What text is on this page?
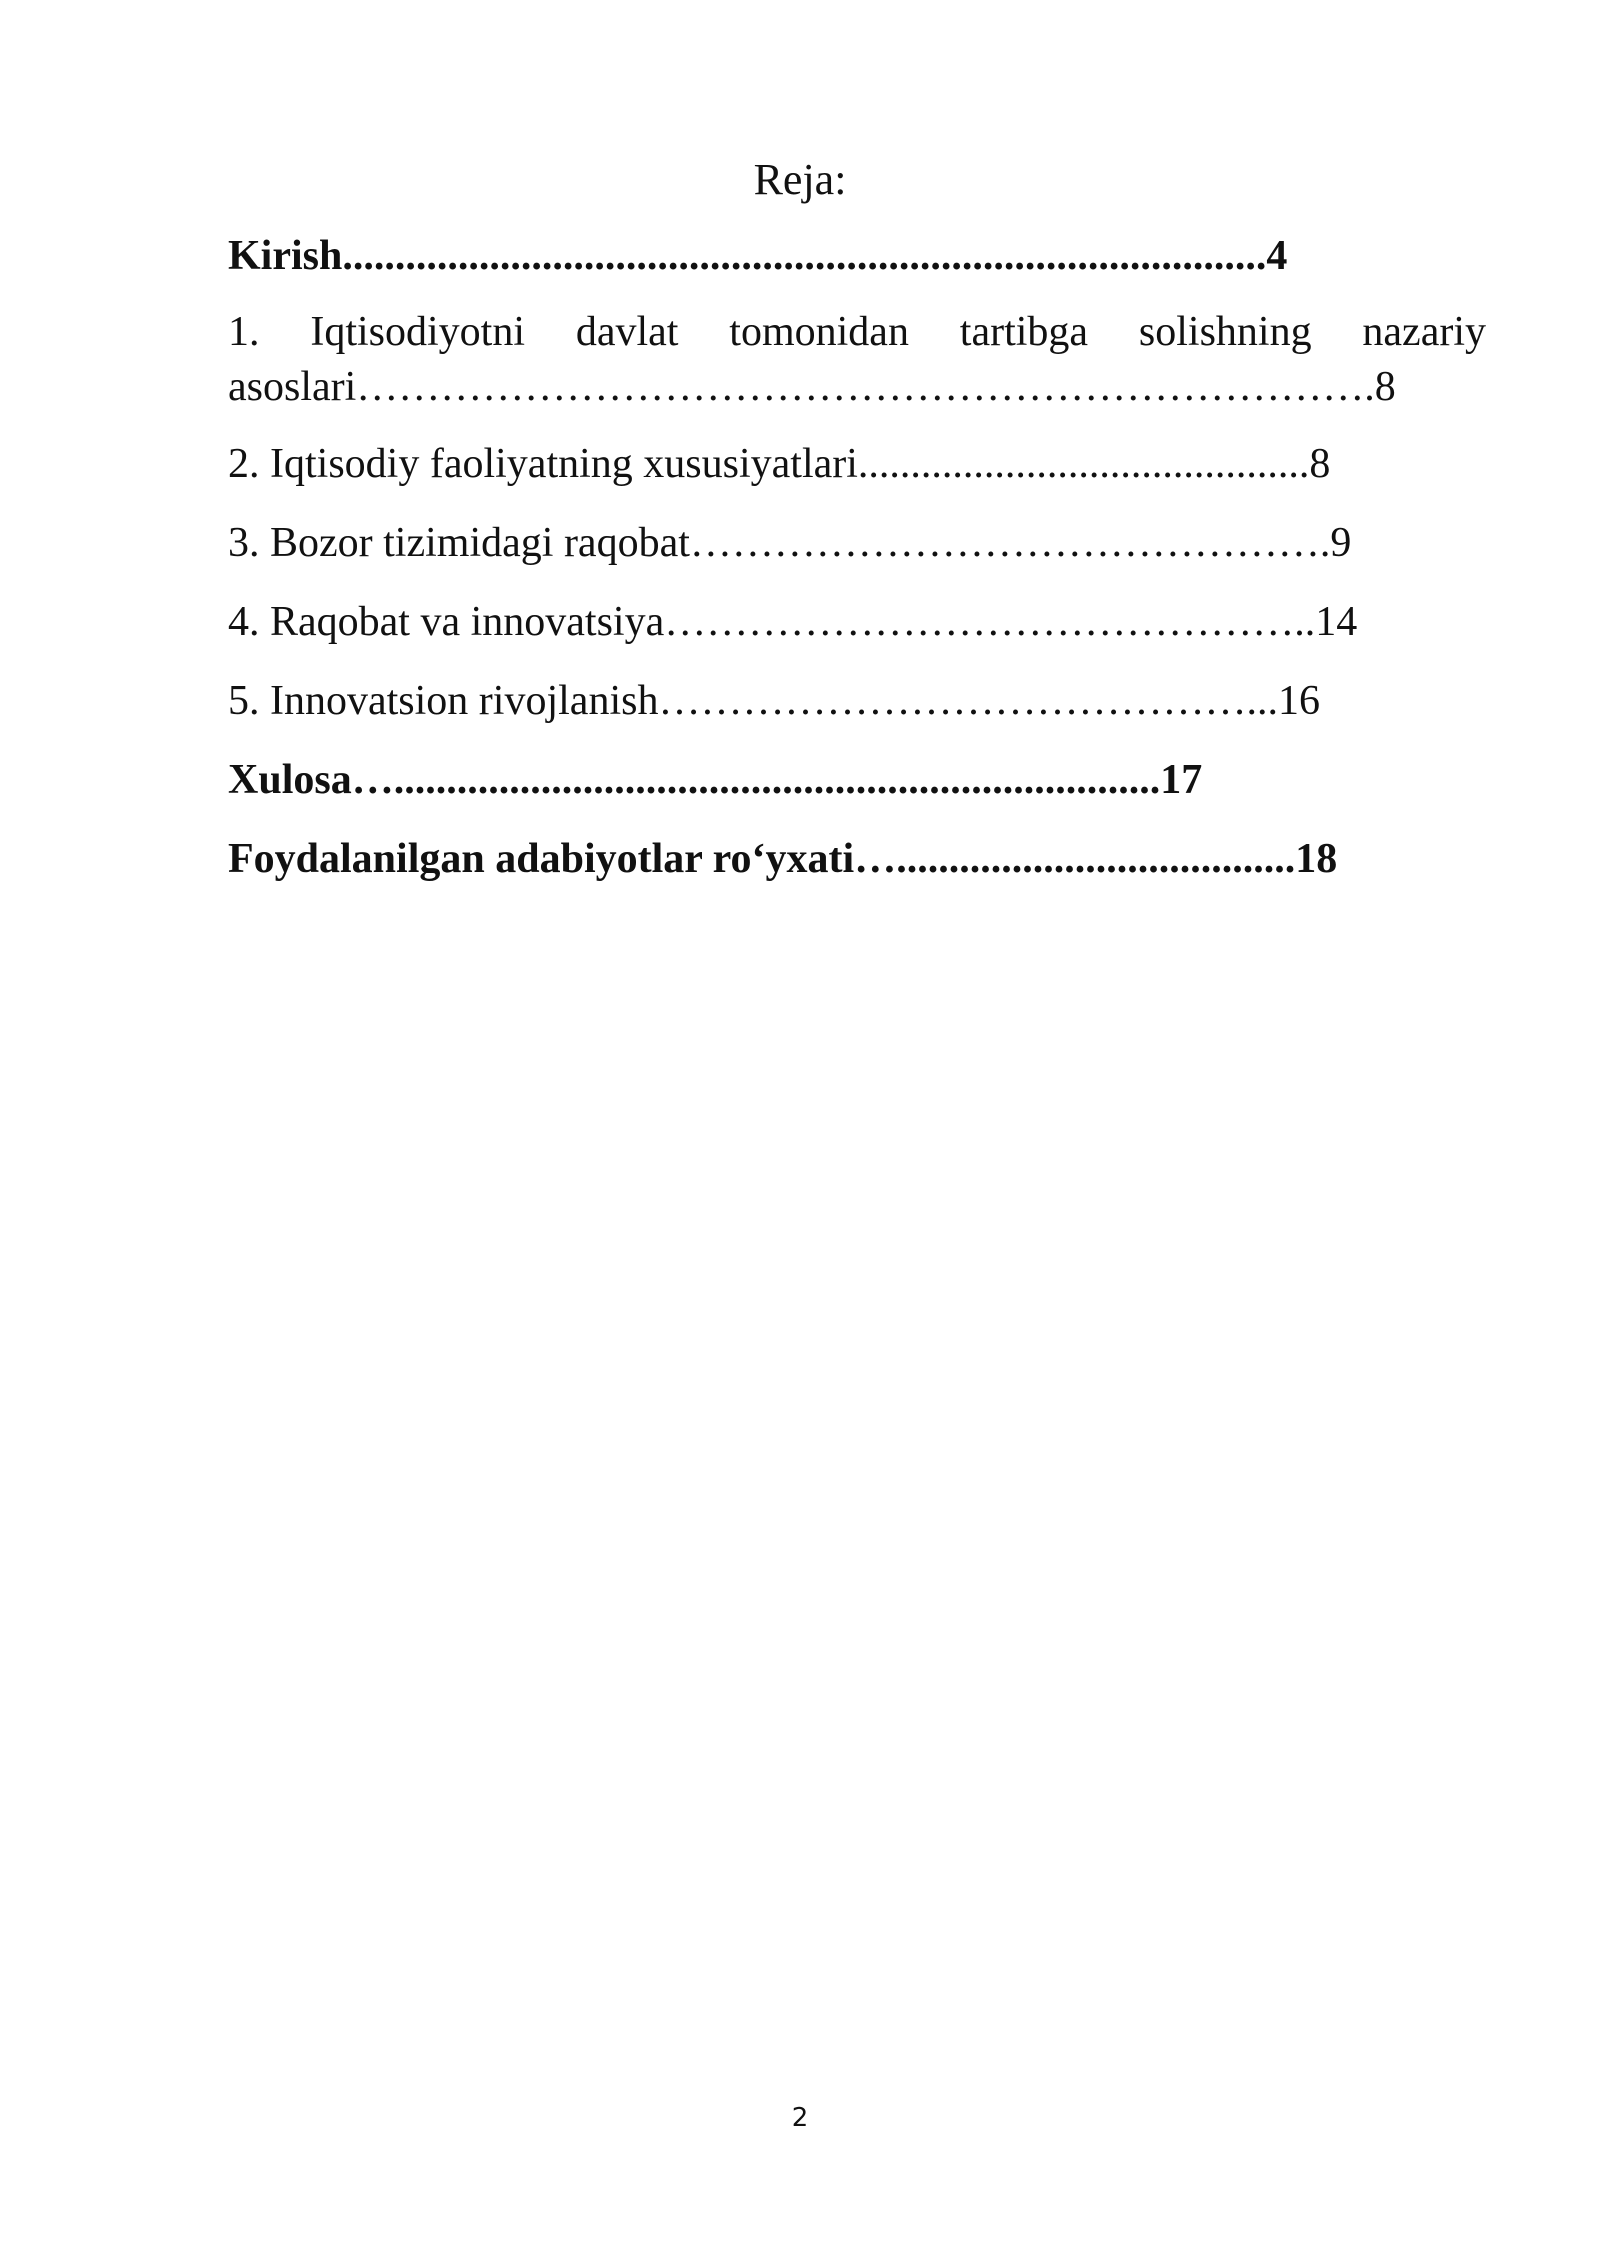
Reja:
Kirish........................................................................................4
1. Iqtisodiyotni davlat tomonidan tartibga solishning nazariy asoslari……………………………………………………………….8
2. Iqtisodiy faoliyatning xususiyatlari...........................................8
3. Bozor tizimidagi raqobat……………………………………….9
4. Raqobat va innovatsiya………………………………………..14
5. Innovatsion rivojlanish……………………………………...16
Xulosa….........................................................................17
Foydalanilgan adabiyotlar ro‘yxati…......................................18
2
